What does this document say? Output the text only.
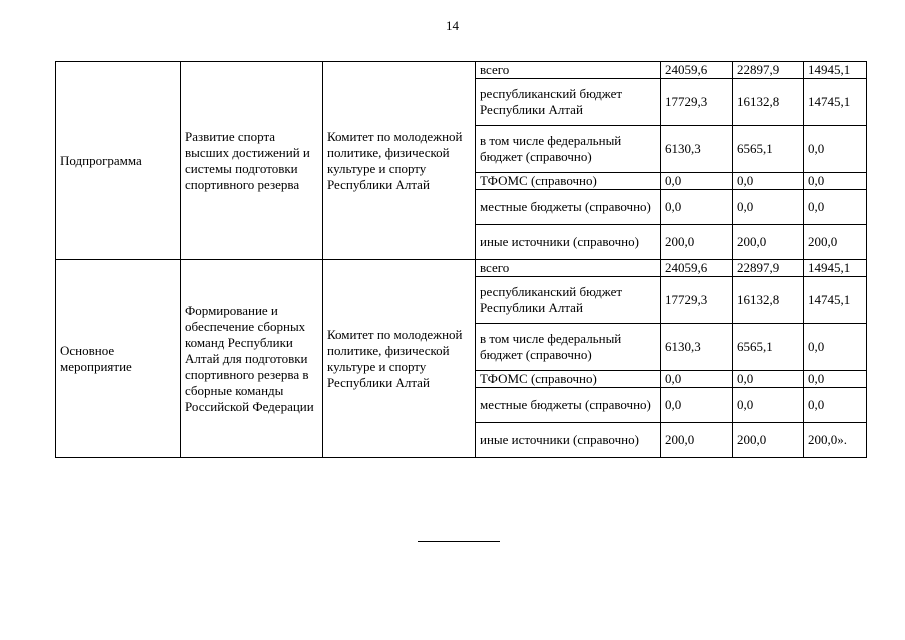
14
Подпрограмма	Развитие спорта высших достижений и системы подготовки спортивного резерва	Комитет по молодежной политике, физической культуре и спорту Республики Алтай	всего	24059,6	22897,9	14945,1
			республиканский бюджет Республики Алтай	17729,3	16132,8	14745,1
			в том числе федеральный бюджет (справочно)	6130,3	6565,1	0,0
			ТФОМС (справочно)	0,0	0,0	0,0
			местные бюджеты (справочно)	0,0	0,0	0,0
			иные источники (справочно)	200,0	200,0	200,0
Основное мероприятие	Формирование и обеспечение сборных команд Республики Алтай для подготовки спортивного резерва в сборные команды Российской Федерации	Комитет по молодежной политике, физической культуре и спорту Республики Алтай	всего	24059,6	22897,9	14945,1
			республиканский бюджет Республики Алтай	17729,3	16132,8	14745,1
			в том числе федеральный бюджет (справочно)	6130,3	6565,1	0,0
			ТФОМС (справочно)	0,0	0,0	0,0
			местные бюджеты (справочно)	0,0	0,0	0,0
			иные источники (справочно)	200,0	200,0	200,0».
